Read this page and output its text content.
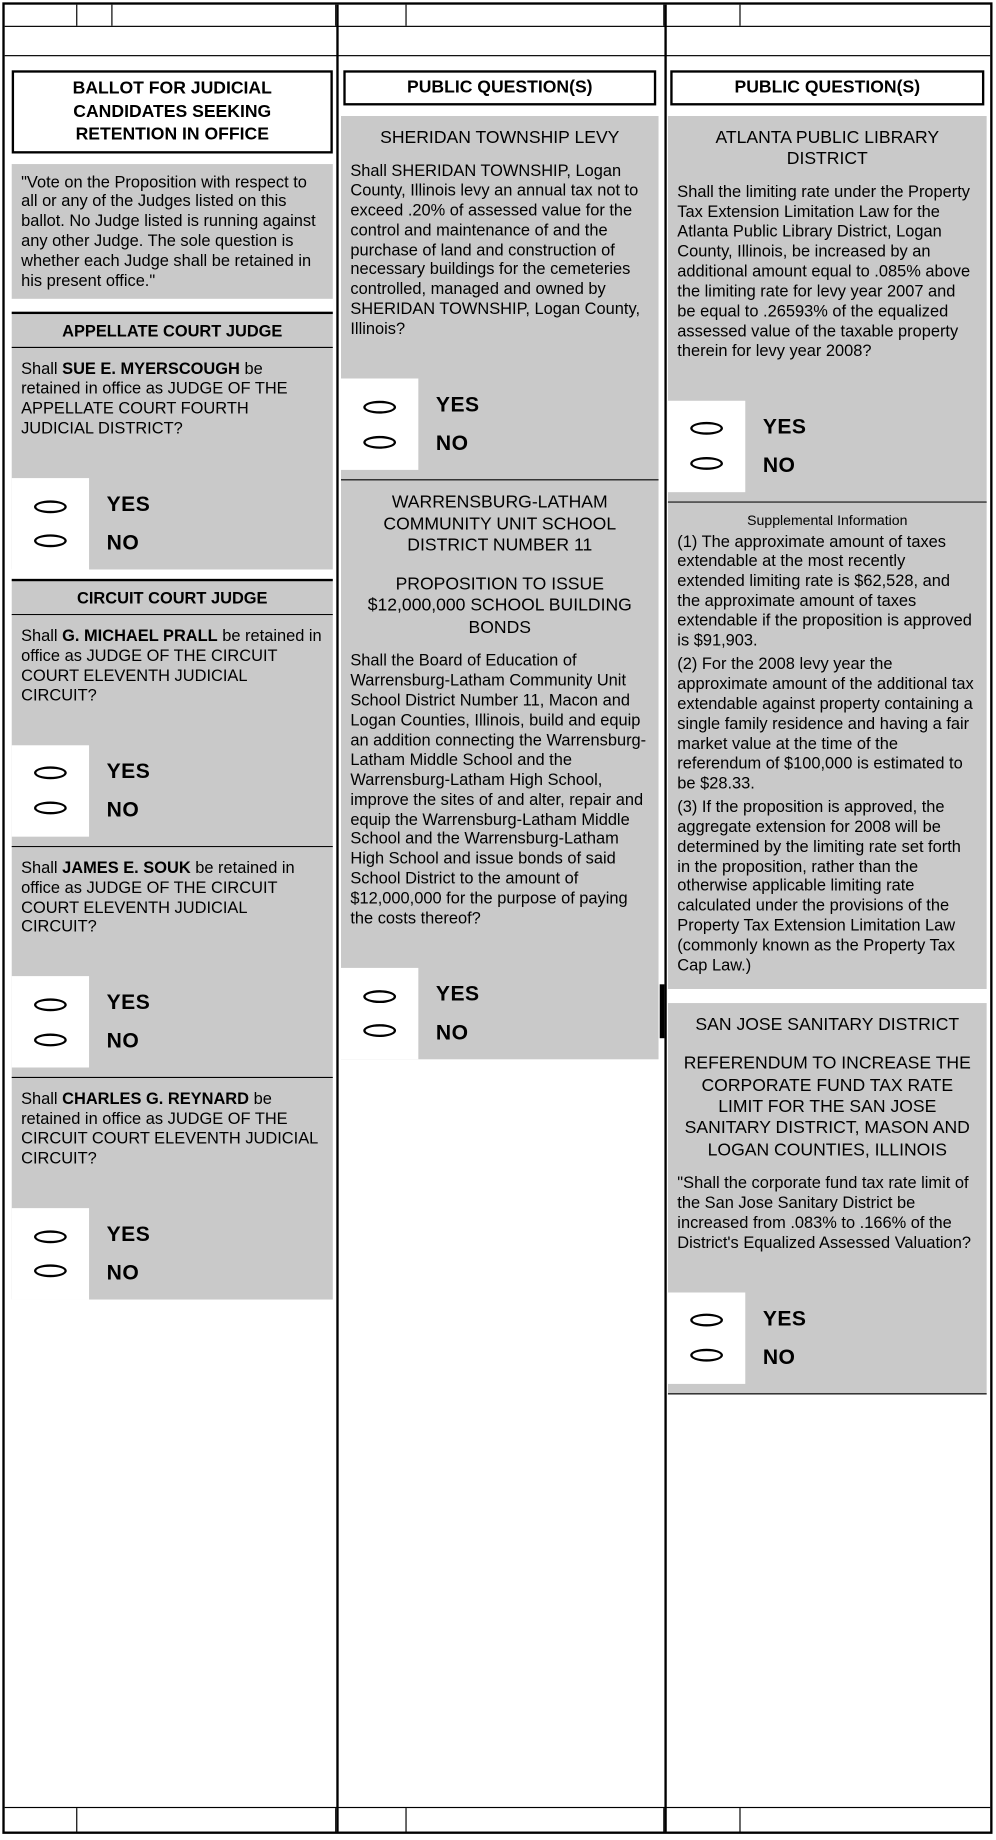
BALLOT FOR JUDICIAL CANDIDATES SEEKING RETENTION IN OFFICE
"Vote on the Proposition with respect to all or any of the Judges listed on this ballot. No Judge listed is running against any other Judge. The sole question is whether each Judge shall be retained in his present office."
APPELLATE COURT JUDGE

Shall SUE E. MYERSCOUGH be retained in office as JUDGE OF THE APPELLATE COURT FOURTH JUDICIAL DISTRICT?

YES
NO
CIRCUIT COURT JUDGE

Shall G. MICHAEL PRALL be retained in office as JUDGE OF THE CIRCUIT COURT ELEVENTH JUDICIAL CIRCUIT?

YES
NO

Shall JAMES E. SOUK be retained in office as JUDGE OF THE CIRCUIT COURT ELEVENTH JUDICIAL CIRCUIT?

YES
NO

Shall CHARLES G. REYNARD be retained in office as JUDGE OF THE CIRCUIT COURT ELEVENTH JUDICIAL CIRCUIT?

YES
NO
PUBLIC QUESTION(S)

SHERIDAN TOWNSHIP LEVY

Shall SHERIDAN TOWNSHIP, Logan County, Illinois levy an annual tax not to exceed .20% of assessed value for the control and maintenance of and the purchase of land and construction of necessary buildings for the cemeteries controlled, managed and owned by SHERIDAN TOWNSHIP, Logan County, Illinois?

YES
NO

WARRENSBURG-LATHAM COMMUNITY UNIT SCHOOL DISTRICT NUMBER 11

PROPOSITION TO ISSUE $12,000,000 SCHOOL BUILDING BONDS

Shall the Board of Education of Warrensburg-Latham Community Unit School District Number 11, Macon and Logan Counties, Illinois, build and equip an addition connecting the Warrensburg-Latham Middle School and the Warrensburg-Latham High School, improve the sites of and alter, repair and equip the Warrensburg-Latham Middle School and the Warrensburg-Latham High School and issue bonds of said School District to the amount of $12,000,000 for the purpose of paying the costs thereof?

YES
NO
PUBLIC QUESTION(S)

ATLANTA PUBLIC LIBRARY DISTRICT

Shall the limiting rate under the Property Tax Extension Limitation Law for the Atlanta Public Library District, Logan County, Illinois, be increased by an additional amount equal to .085% above the limiting rate for levy year 2007 and be equal to .26593% of the equalized assessed value of the taxable property therein for levy year 2008?

YES
NO

Supplemental Information

(1) The approximate amount of taxes extendable at the most recently extended limiting rate is $62,528, and the approximate amount of taxes extendable if the proposition is approved is $91,903.

(2) For the 2008 levy year the approximate amount of the additional tax extendable against property containing a single family residence and having a fair market value at the time of the referendum of $100,000 is estimated to be $28.33.

(3) If the proposition is approved, the aggregate extension for 2008 will be determined by the limiting rate set forth in the proposition, rather than the otherwise applicable limiting rate calculated under the provisions of the Property Tax Extension Limitation Law (commonly known as the Property Tax Cap Law.)

SAN JOSE SANITARY DISTRICT

REFERENDUM TO INCREASE THE CORPORATE FUND TAX RATE LIMIT FOR THE SAN JOSE SANITARY DISTRICT, MASON AND LOGAN COUNTIES, ILLINOIS

"Shall the corporate fund tax rate limit of the San Jose Sanitary District be increased from .083% to .166% of the District's Equalized Assessed Valuation?

YES
NO
